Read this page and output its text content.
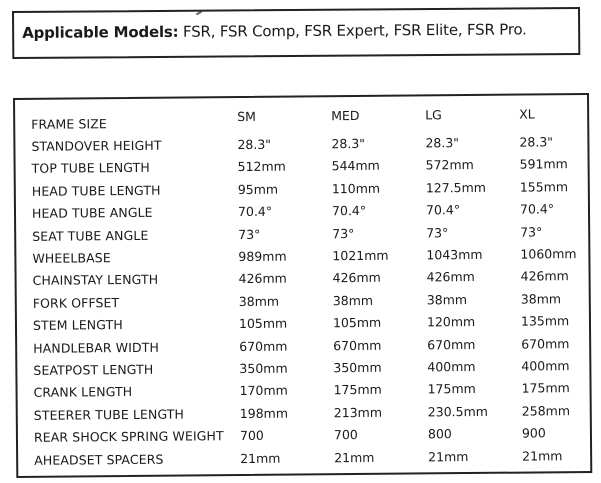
Applicable Models: FSR, FSR Comp, FSR Expert, FSR Elite, FSR Pro.
FRAME SIZE	SM	MED	LG	XL
STANDOVER HEIGHT	28.3"	28.3"	28.3"	28.3"
TOP TUBE LENGTH	512mm	544mm	572mm	591mm
HEAD TUBE LENGTH	95mm	110mm	127.5mm	155mm
HEAD TUBE ANGLE	70.4°	70.4°	70.4°	70.4°
SEAT TUBE ANGLE	73°	73°	73°	73°
WHEELBASE	989mm	1021mm	1043mm	1060mm
CHAINSTAY LENGTH	426mm	426mm	426mm	426mm
FORK OFFSET	38mm	38mm	38mm	38mm
STEM LENGTH	105mm	105mm	120mm	135mm
HANDLEBAR WIDTH	670mm	670mm	670mm	670mm
SEATPOST LENGTH	350mm	350mm	400mm	400mm
CRANK LENGTH	170mm	175mm	175mm	175mm
STEERER TUBE LENGTH	198mm	213mm	230.5mm	258mm
REAR SHOCK SPRING WEIGHT 700	700	800	900
AHEADSET SPACERS	21mm	21mm	21mm	21mm
